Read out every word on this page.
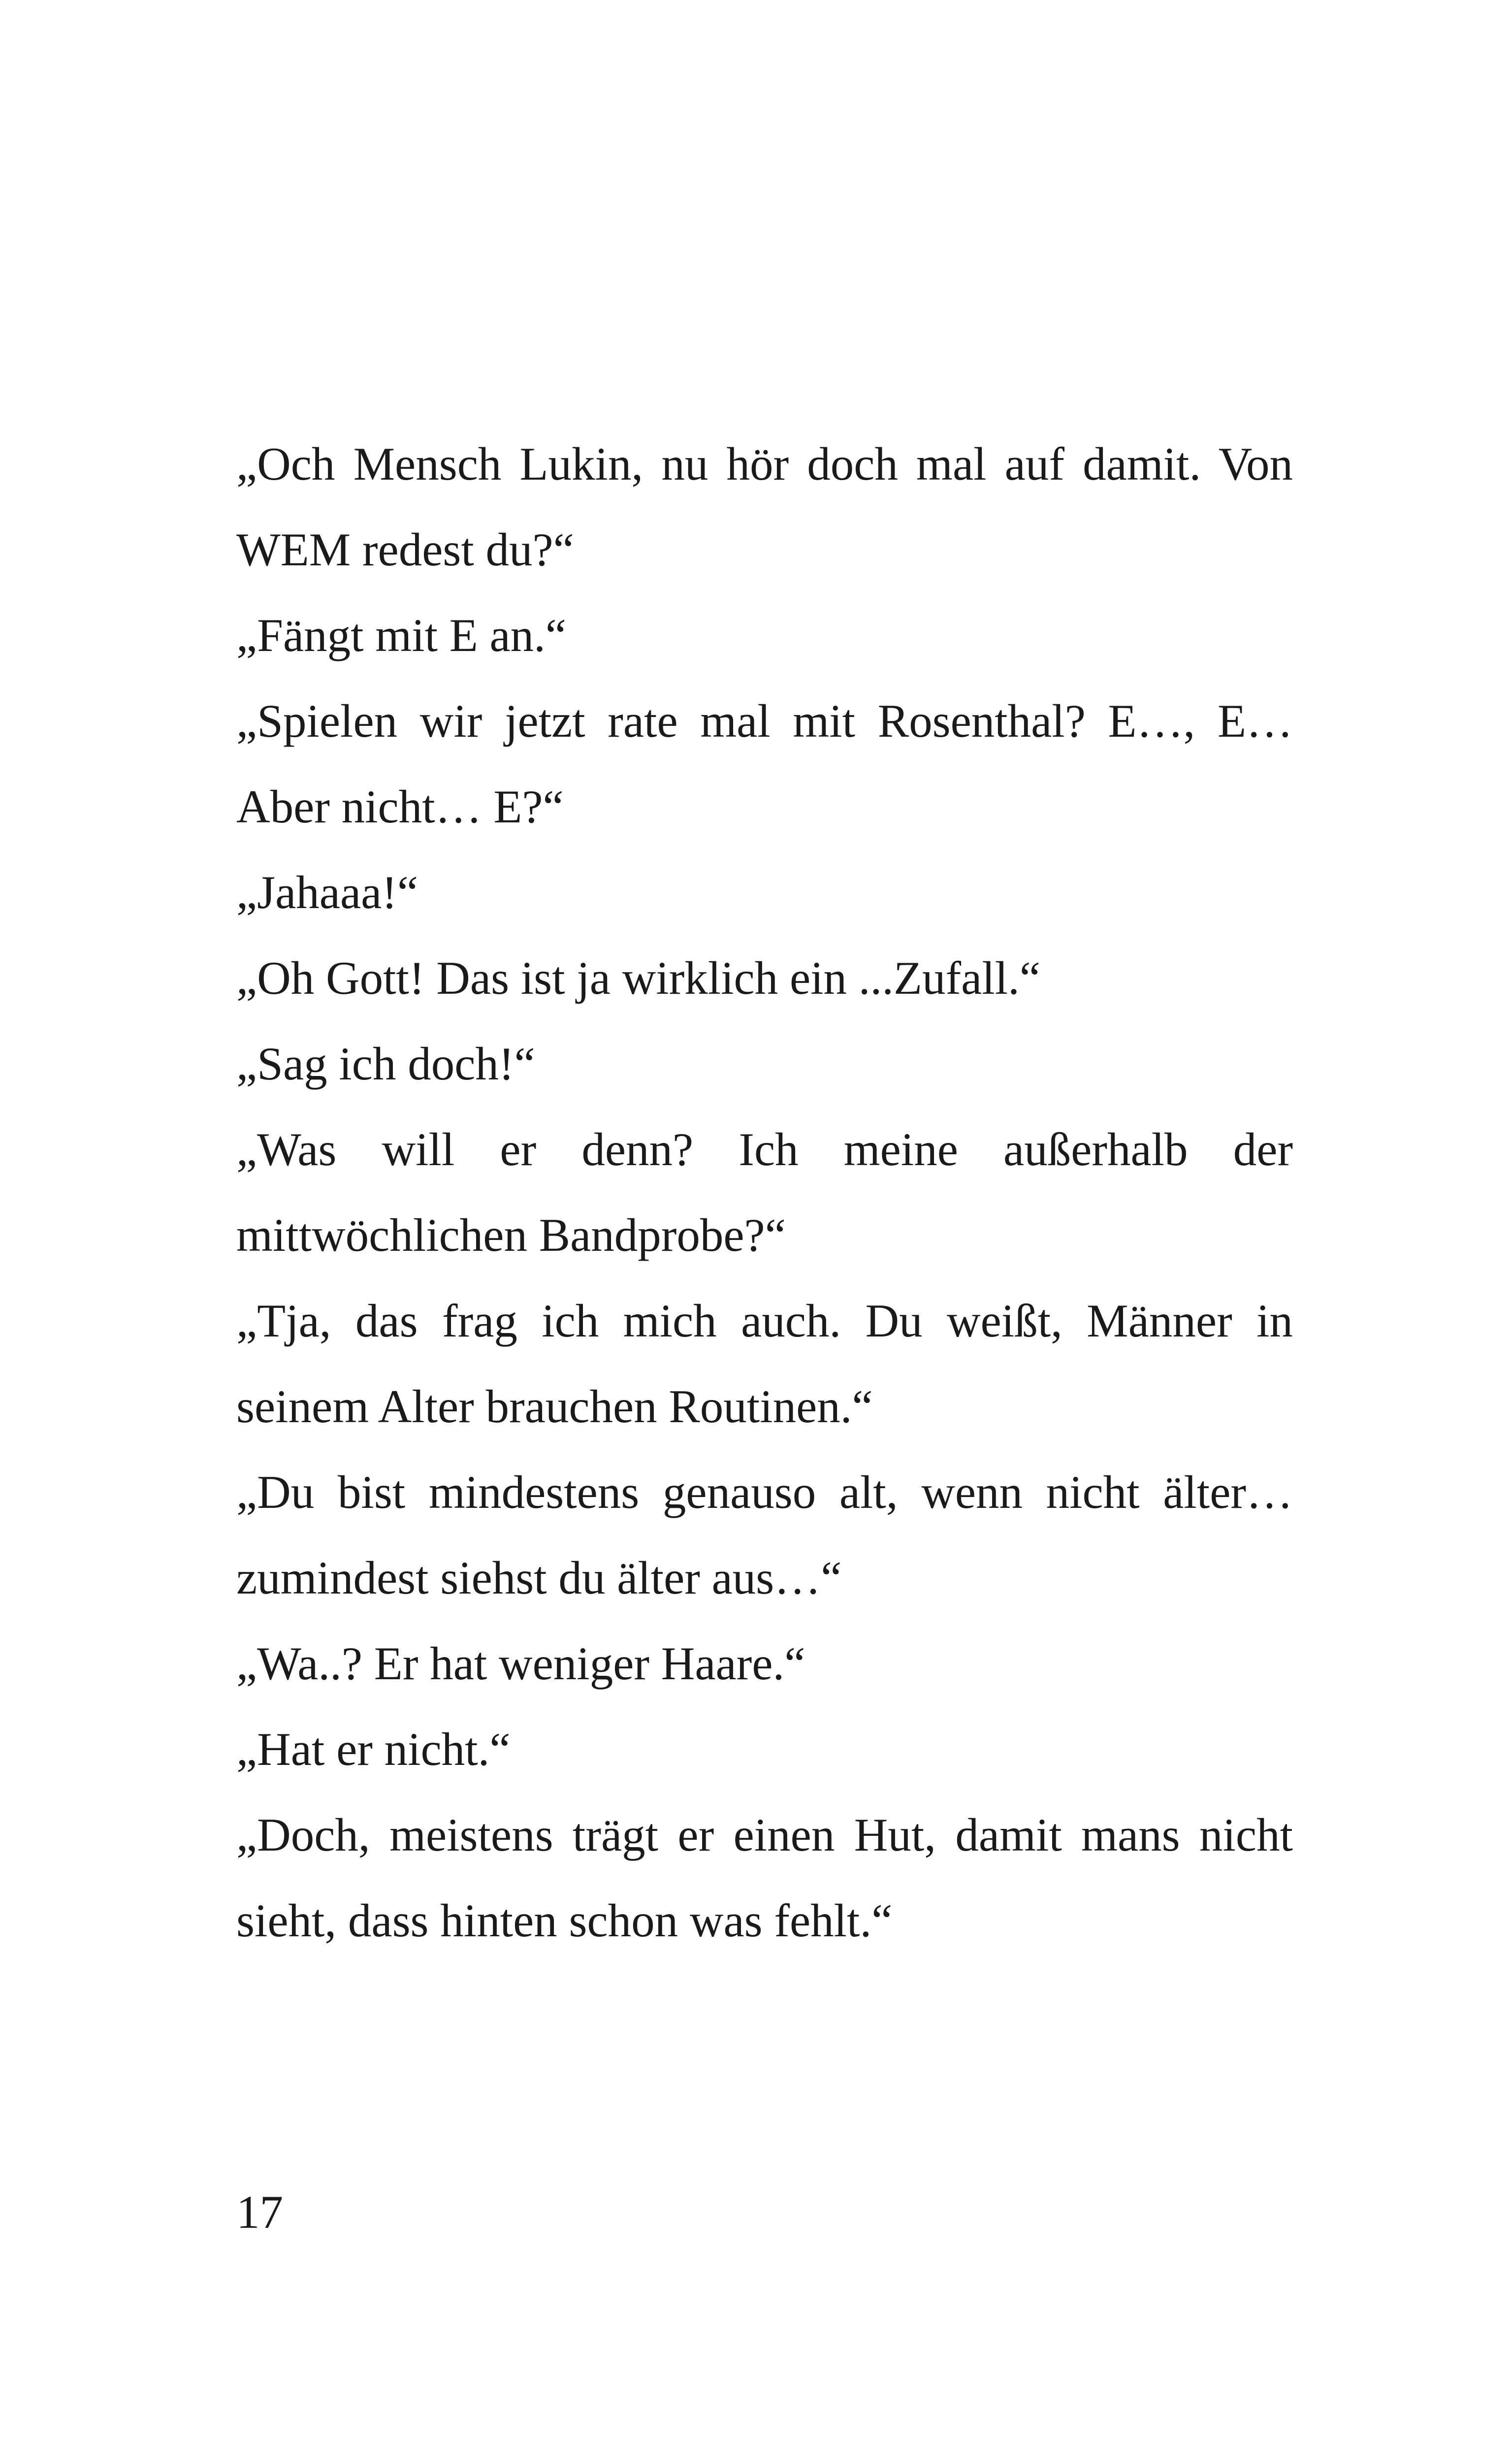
„Och Mensch Lukin, nu hör doch mal auf damit. Von WEM redest du?“

„Fängt mit E an.“

„Spielen wir jetzt rate mal mit Rosenthal? E…, E… Aber nicht… E?“

„Jahaaa!“

„Oh Gott! Das ist ja wirklich ein ...Zufall.“

„Sag ich doch!“

„Was will er denn? Ich meine außerhalb der mittwöchlichen Bandprobe?“

„Tja, das frag ich mich auch. Du weißt, Männer in seinem Alter brauchen Routinen.“

„Du bist mindestens genauso alt, wenn nicht älter… zumindest siehst du älter aus…“

„Wa..? Er hat weniger Haare.“

„Hat er nicht.“

„Doch, meistens trägt er einen Hut, damit mans nicht sieht, dass hinten schon was fehlt.“

17
